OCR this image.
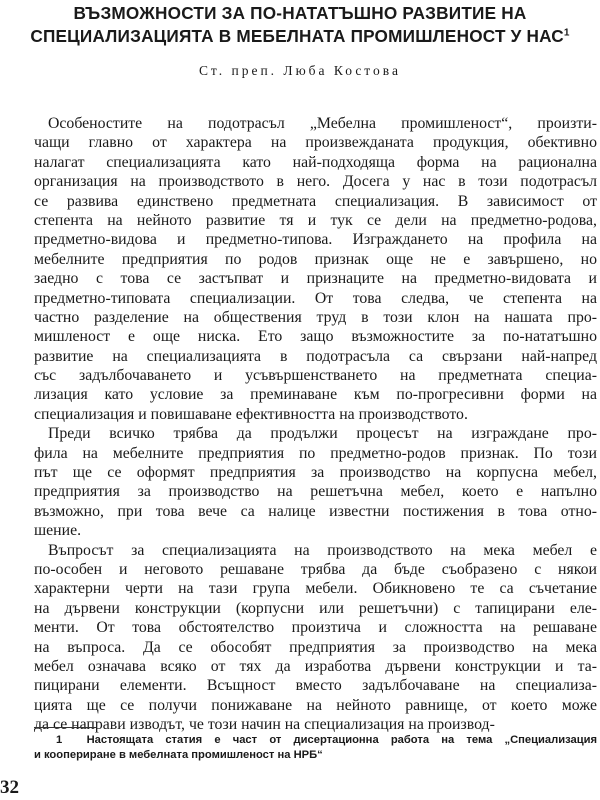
ВЪЗМОЖНОСТИ ЗА ПО-НАТАТЪШНО РАЗВИТИЕ НА
СПЕЦИАЛИЗАЦИЯТА В МЕБЕЛНАТА ПРОМИШЛЕНОСТ У НАС$^1$
Ст. преп. Люба Костова
Особеностите на подотрасъл „Мебелна промишленост“, произти-
чащи главно от характера на произвежданата продукция, обективно
налагат специализацията като най-подходяща форма на рационална
организация на производството в него. Досега у нас в този подотрасъл
се развива единствено предметната специализация. В зависимост от
степента на нейното развитие тя и тук се дели на предметно-родова,
предметно-видова и предметно-типова. Изграждането на профила на
мебелните предприятия по родов признак още не е завършено, но
заедно с това се застъпват и признаците на предметно-видовата и
предметно-типовата специализации. От това следва, че степента на
частно разделение на обществения труд в този клон на нашата про-
мишленост е още ниска. Ето защо възможностите за по-нататъшно
развитие на специализацията в подотрасъла са свързани най-напред
със задълбочаването и усъвършенстването на предметната специа-
лизация като условие за преминаване към по-прогресивни форми на
специализация и повишаване ефективността на производството.
Преди всичко трябва да продължи процесът на изграждане про-
фила на мебелните предприятия по предметно-родов признак. По този
път ще се оформят предприятия за производство на корпусна мебел,
предприятия за производство на решетъчна мебел, което е напълно
възможно, при това вече са налице известни постижения в това отно-
шение.
Въпросът за специализацията на производството на мека мебел е
по-особен и неговото решаване трябва да бъде съобразено с някои
характерни черти на тази група мебели. Обикновено те са съчетание
на дървени конструкции (корпусни или решетъчни) с тапицирани еле-
менти. От това обстоятелство произтича и сложността на решаване
на въпроса. Да се обособят предприятия за производство на мека
мебел означава всяко от тях да изработва дървени конструкции и та-
пицирани елементи. Всъщност вместо задълбочаване на специализа-
цията ще се получи понижаване на нейното равнище, от което може
да се направи изводът, че този начин на специализация на производ-
1 Настоящата статия е част от дисертационна работа на тема „Специализация
и коопериране в мебелната промишленост на НРБ“
32
